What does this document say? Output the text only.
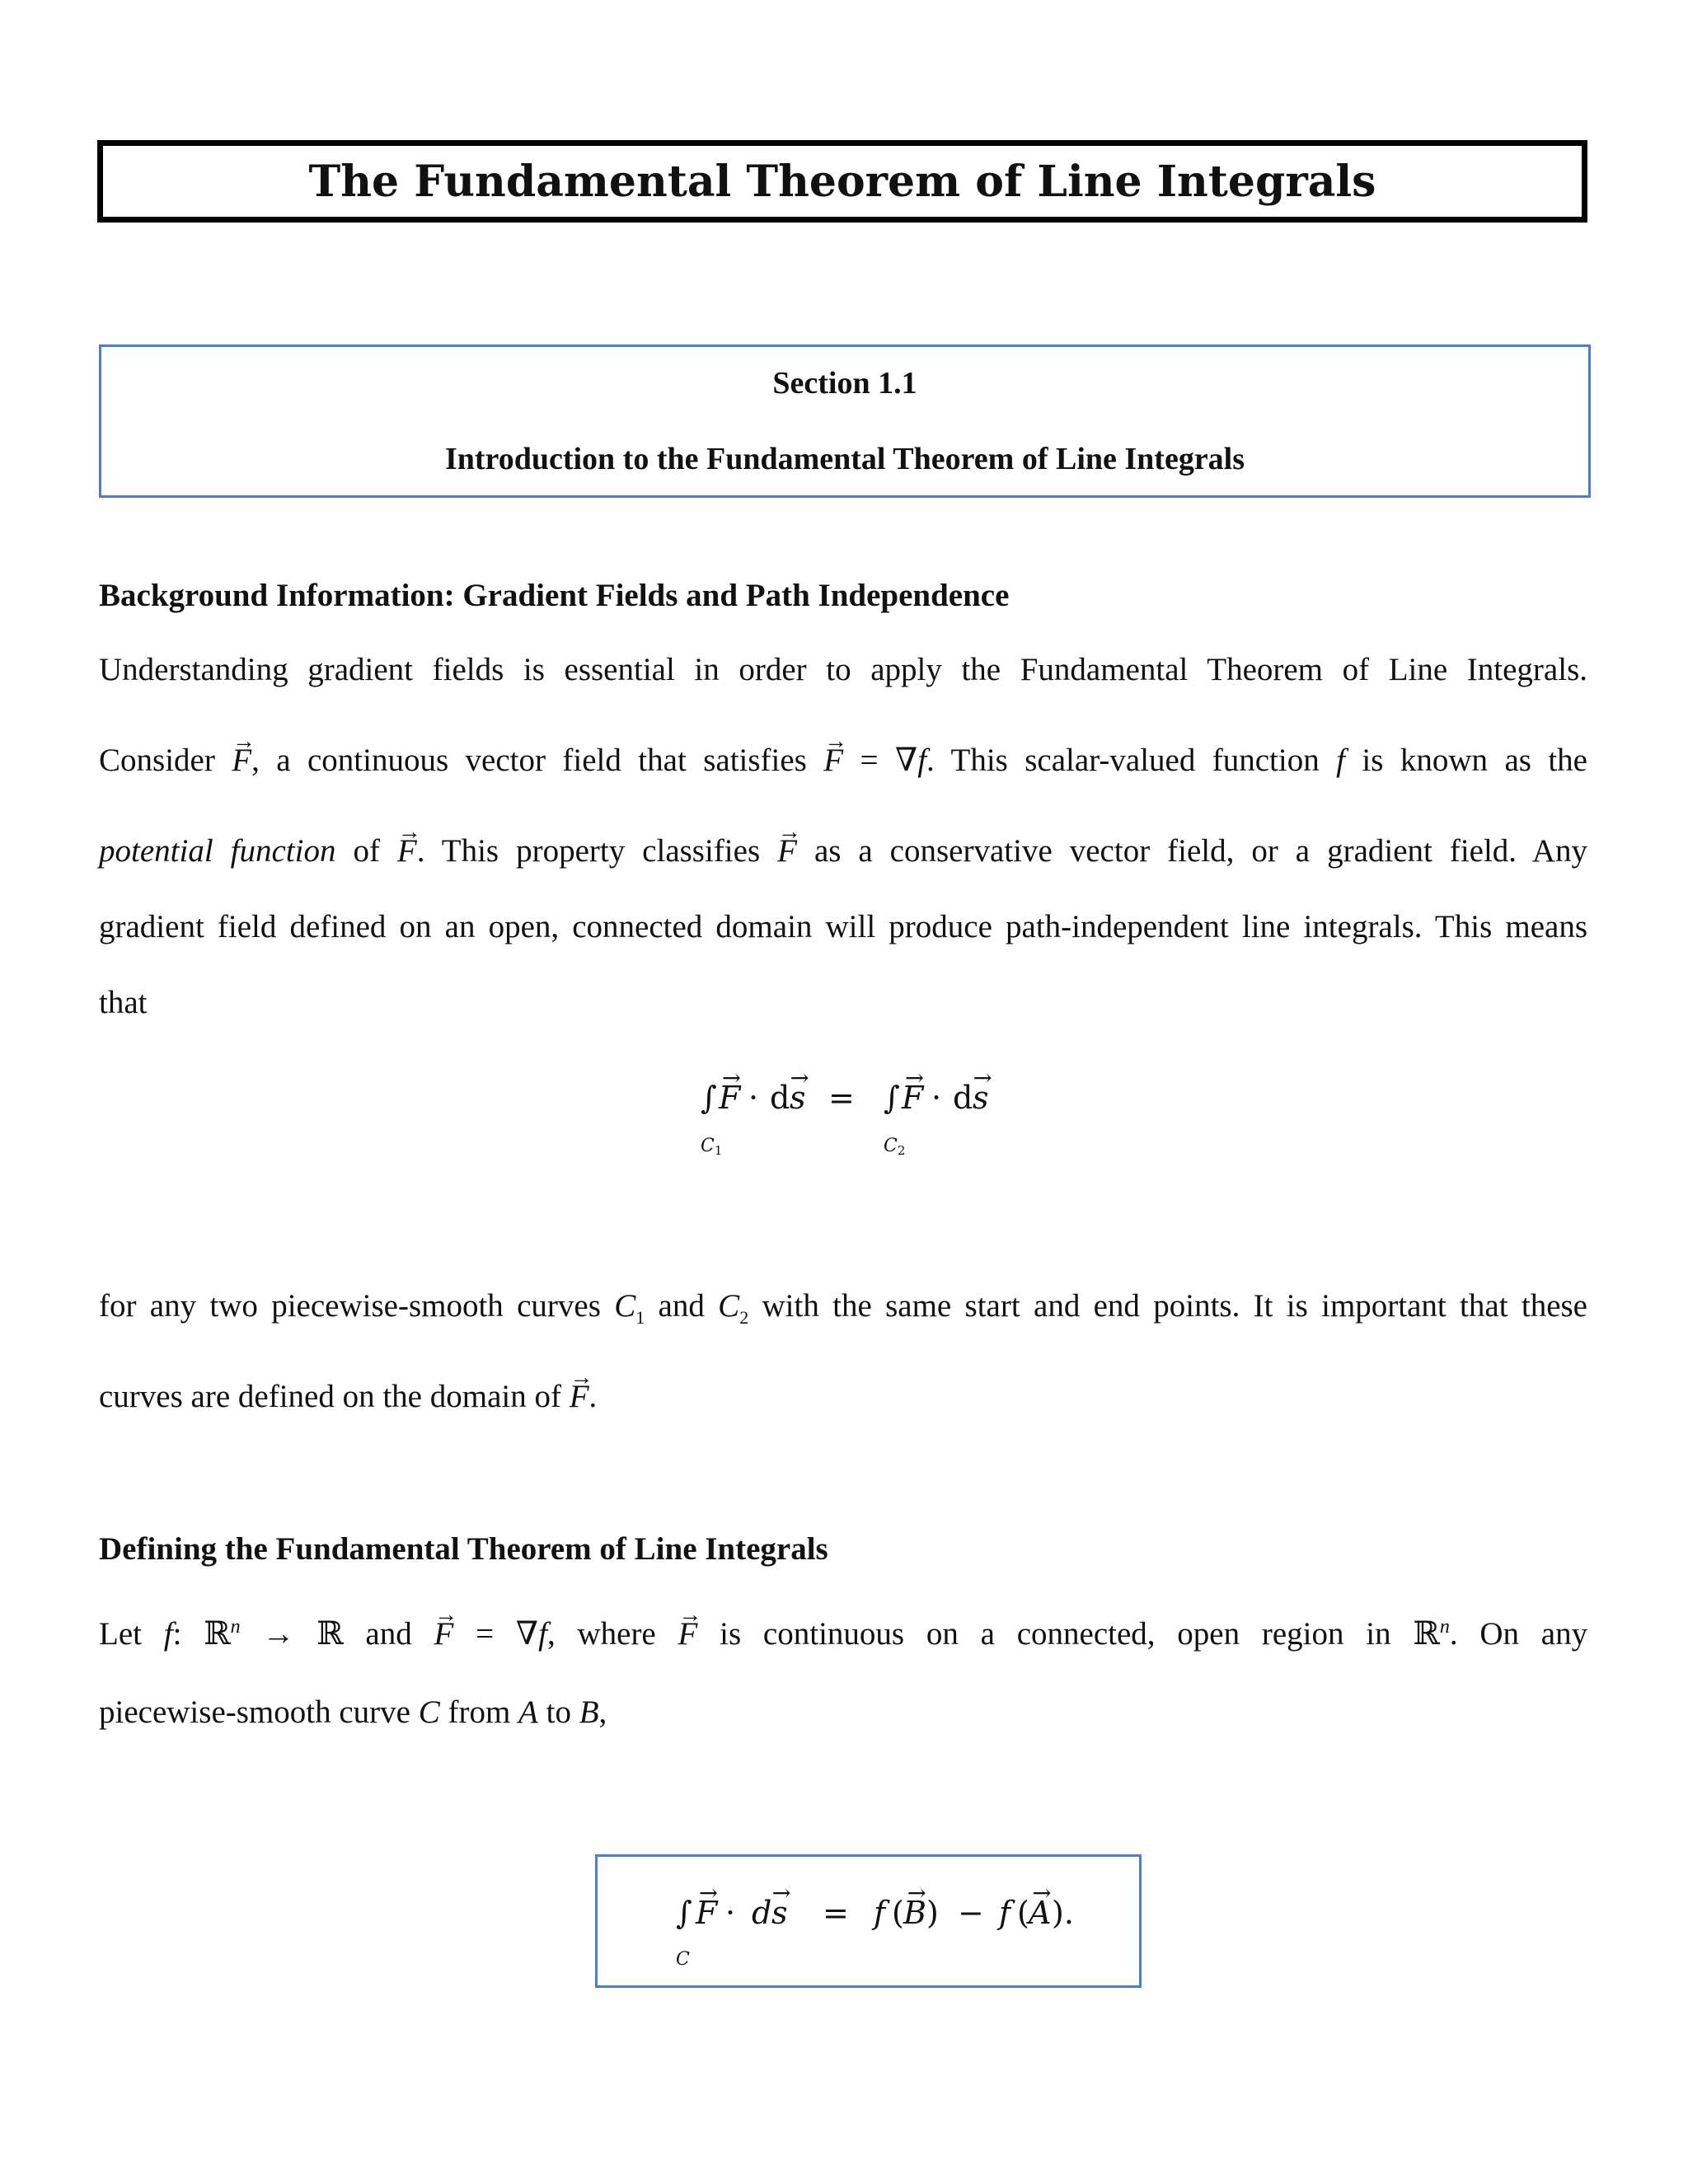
The Fundamental Theorem of Line Integrals
Section 1.1
Introduction to the Fundamental Theorem of Line Integrals
Background Information: Gradient Fields and Path Independence
Understanding gradient fields is essential in order to apply the Fundamental Theorem of Line Integrals.
Consider → F, a continuous vector field that satisfies → F = ∇f. This scalar-valued function f is known as the
potential function of → F. This property classifies → F as a conservative vector field, or a gradient field. Any
gradient field defined on an open, connected domain will produce path-independent line integrals. This means
that
∫ → F · d → s
C1
= ∫ → F · d → s
C2
for any two piecewise-smooth curves $C_1$ and $C_2$ with the same start and end points. It is important that these
curves are defined on the domain of → F.
Defining the Fundamental Theorem of Line Integrals
Let f: ℝ$^n$ → ℝ and → F = ∇f, where → F is continuous on a connected, open region in ℝ$^n$. On any
piecewise-smooth curve C from A to B,
∫ → F · d → s = f ( → B ) − f ( → A ).
C
